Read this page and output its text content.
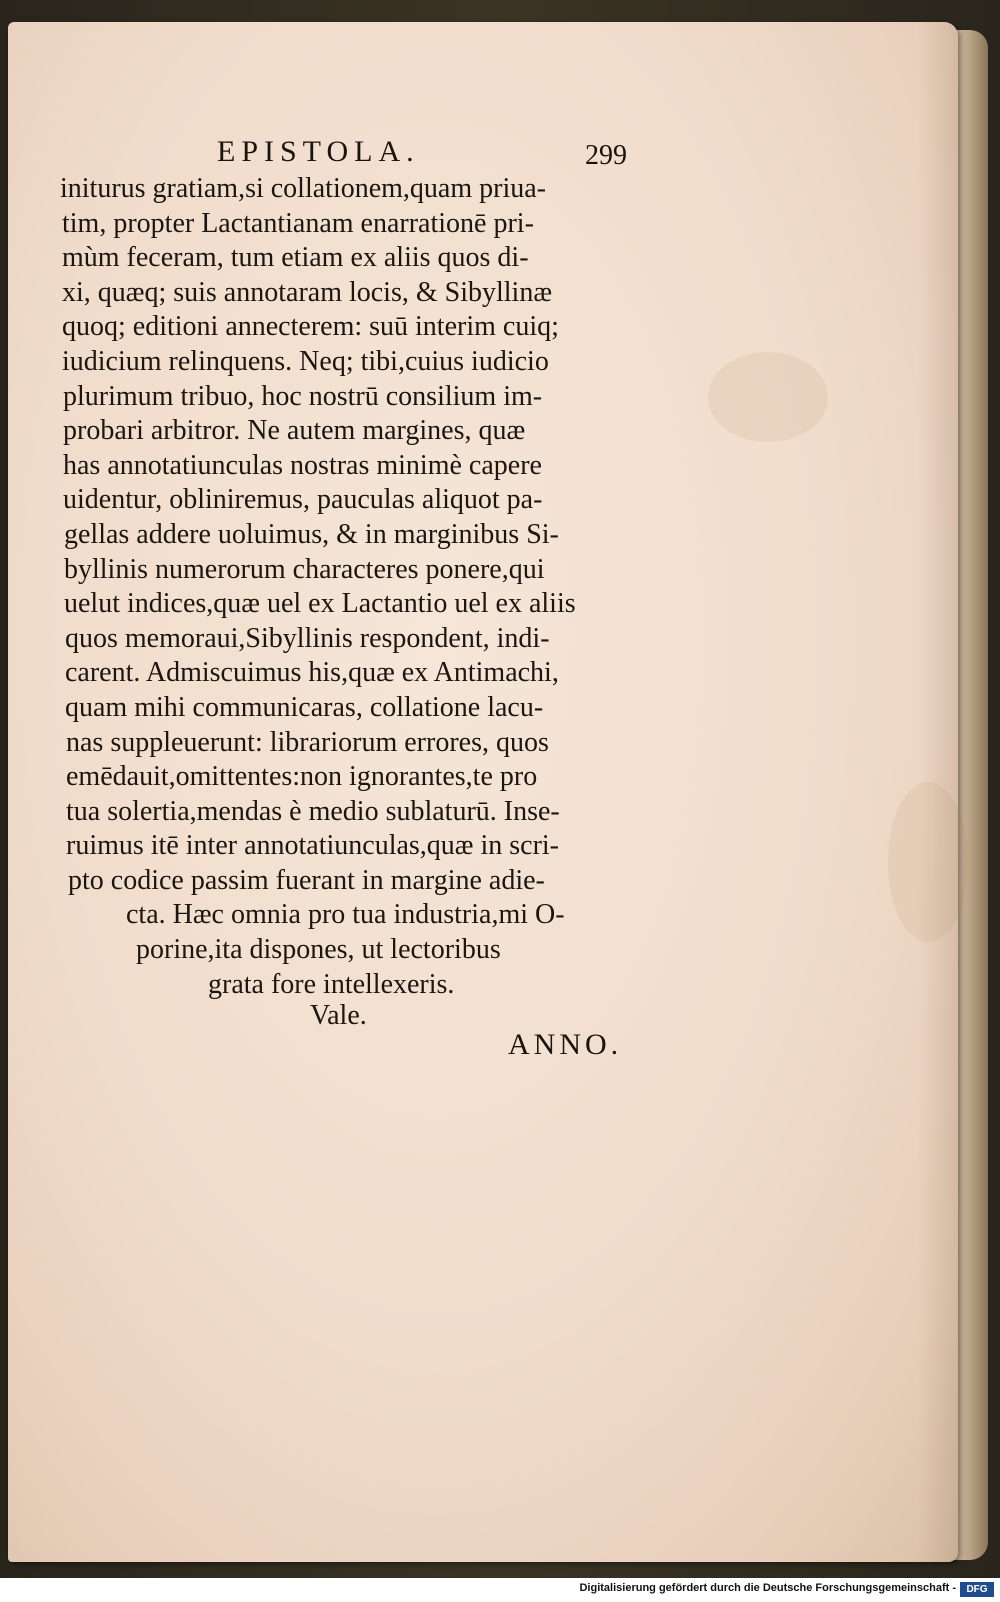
EPISTOLA.	299
initurus gratiam,si collationem,quam priua-
tim, propter Lactantianam enarrationē pri-
mùm feceram, tum etiam ex aliis quos di-
xi, quæq; suis annotaram locis, & Sibyllinæ
quoq; editioni annecterem: suū interim cuiq;
iudicium relinquens. Neq; tibi,cuius iudicio
plurimum tribuo, hoc nostrū consilium im-
probari arbitror. Ne autem margines, quæ
has annotatiunculas nostras minimè capere
uidentur, obliniremus, pauculas aliquot pa-
gellas addere uoluimus, & in marginibus Si-
byllinis numerorum characteres ponere,qui
uelut indices,quæ uel ex Lactantio uel ex aliis
quos memoraui,Sibyllinis respondent, indi-
carent. Admiscuimus his,quæ ex Antimachi,
quam mihi communicaras, collatione lacu-
nas suppleuerunt: librariorum errores, quos
emēdauit,omittentes:non ignorantes,te pro
tua solertia,mendas è medio sublaturū. Inse-
ruimus itē inter annotatiunculas,quæ in scri-
pto codice passim fuerant in margine adie-
cta. Hæc omnia pro tua industria,mi O-
porine,ita dispones, ut lectoribus
grata fore intellexeris.
Vale.
ANNO.
Digitalisierung gefördert durch die Deutsche Forschungsgemeinschaft -	DFG
